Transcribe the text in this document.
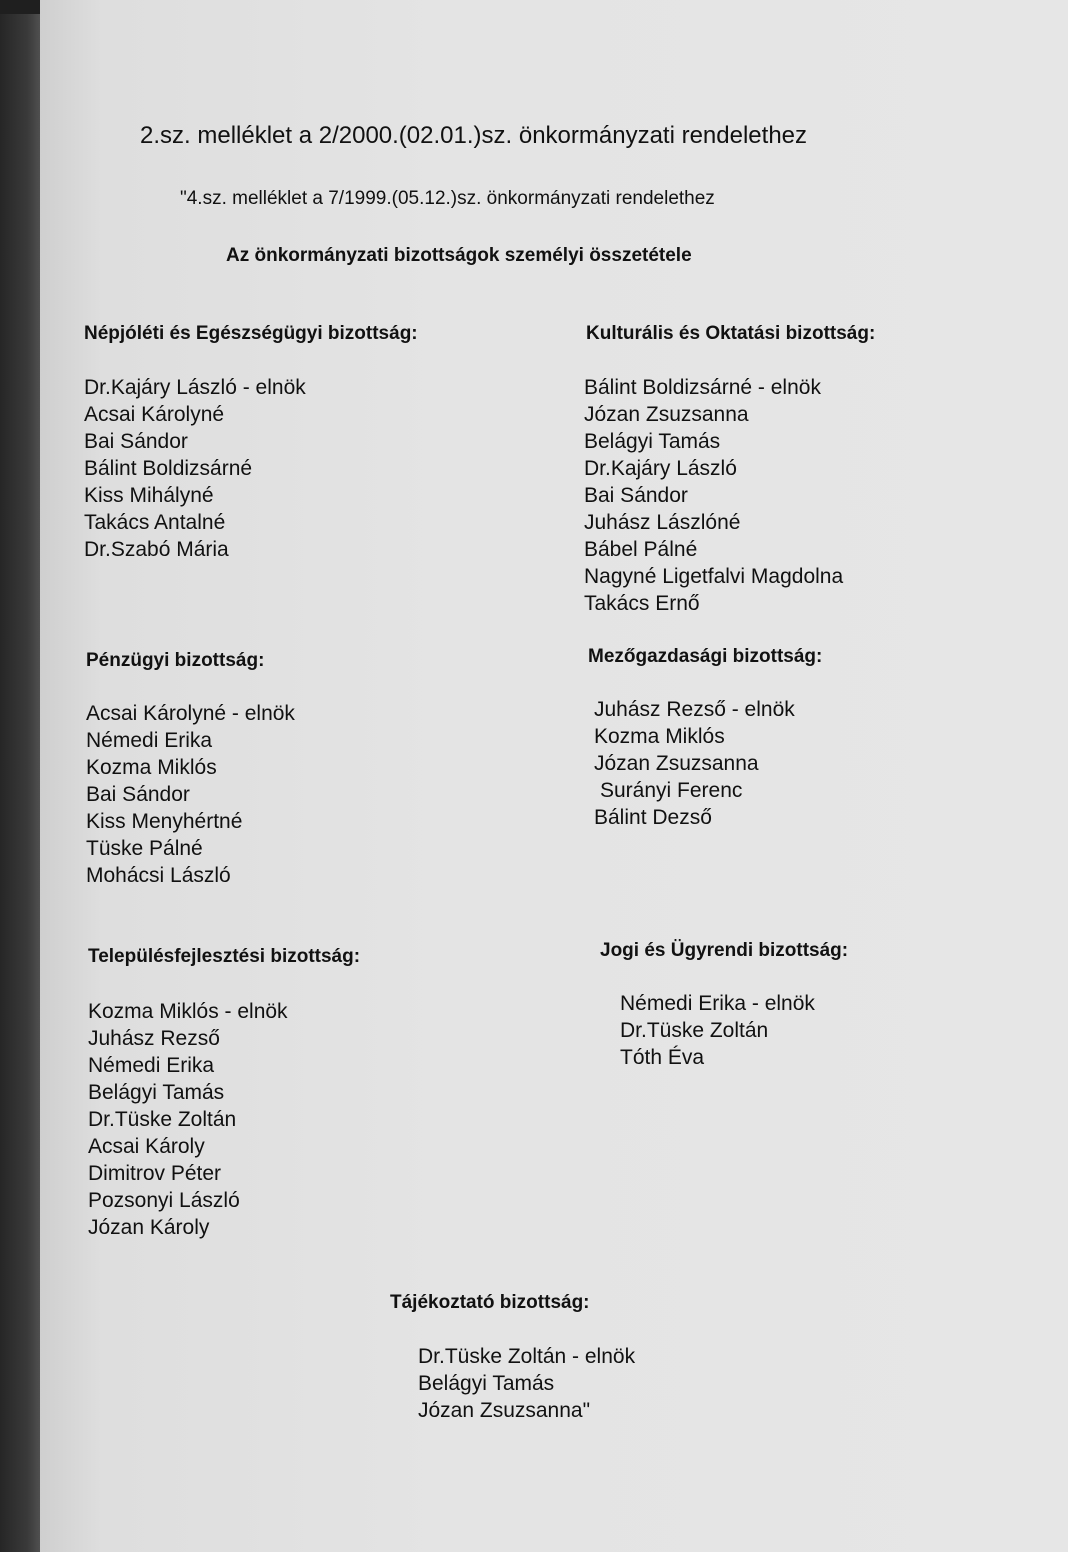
2.sz. melléklet a 2/2000.(02.01.)sz. önkormányzati rendelethez
"4.sz. melléklet a 7/1999.(05.12.)sz. önkormányzati rendelethez
Az önkormányzati bizottságok személyi összetétele
Népjóléti és Egészségügyi bizottság:
Dr.Kajáry László - elnök
Acsai Károlyné
Bai Sándor
Bálint Boldizsárné
Kiss Mihályné
Takács Antalné
Dr.Szabó Mária
Kulturális és Oktatási bizottság:
Bálint Boldizsárné - elnök
Józan Zsuzsanna
Belágyi Tamás
Dr.Kajáry László
Bai Sándor
Juhász Lászlóné
Bábel Pálné
Nagyné Ligetfalvi Magdolna
Takács Ernő
Pénzügyi bizottság:
Acsai Károlyné - elnök
Némedi Erika
Kozma Miklós
Bai Sándor
Kiss Menyhértné
Tüske Pálné
Mohácsi László
Mezőgazdasági bizottság:
Juhász Rezső - elnök
Kozma Miklós
Józan Zsuzsanna
Surányi Ferenc
Bálint Dezső
Településfejlesztési bizottság:
Kozma Miklós - elnök
Juhász Rezső
Némedi Erika
Belágyi Tamás
Dr.Tüske Zoltán
Acsai Károly
Dimitrov Péter
Pozsonyi László
Józan Károly
Jogi és Ügyrendi bizottság:
Némedi Erika - elnök
Dr.Tüske Zoltán
Tóth Éva
Tájékoztató bizottság:
Dr.Tüske Zoltán - elnök
Belágyi Tamás
Józan Zsuzsanna"
